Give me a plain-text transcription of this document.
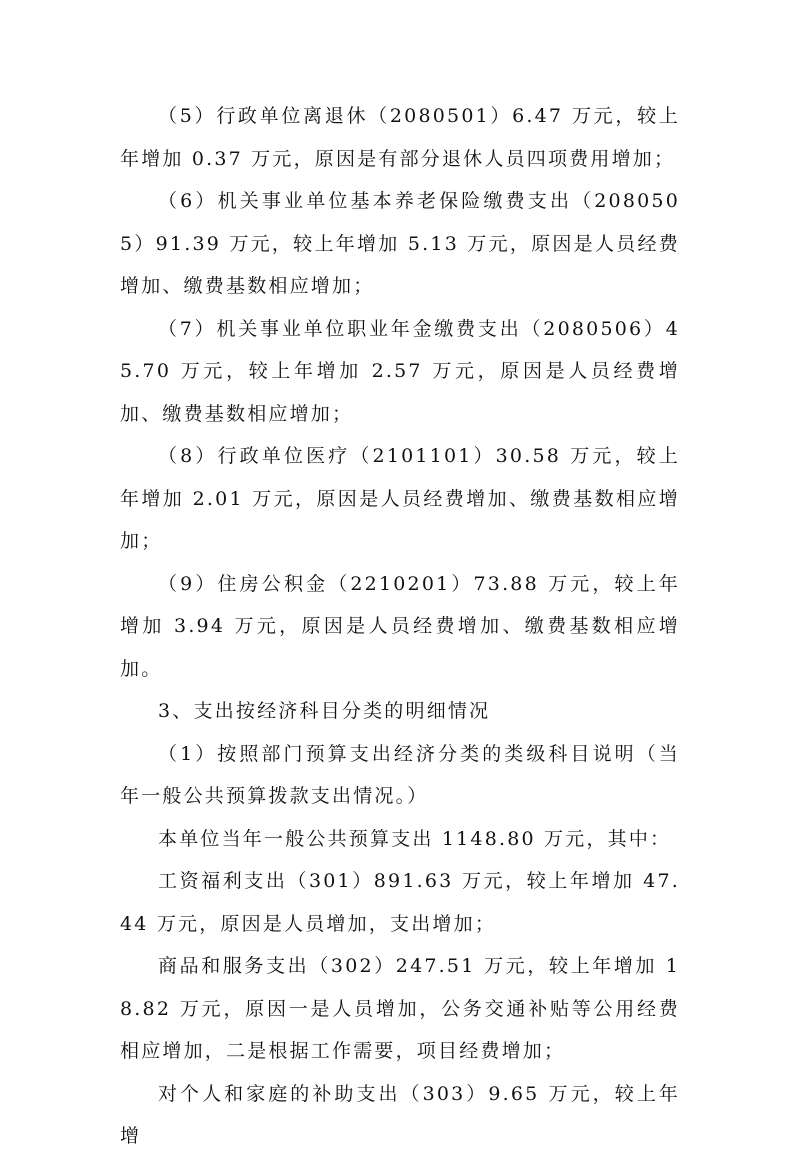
（5）行政单位离退休（2080501）6.47 万元，较上年增加 0.37 万元，原因是有部分退休人员四项费用增加；

（6）机关事业单位基本养老保险缴费支出（2080505）91.39 万元，较上年增加 5.13 万元，原因是人员经费增加、缴费基数相应增加；

（7）机关事业单位职业年金缴费支出（2080506）45.70 万元，较上年增加 2.57 万元，原因是人员经费增加、缴费基数相应增加；

（8）行政单位医疗（2101101）30.58 万元，较上年增加 2.01 万元，原因是人员经费增加、缴费基数相应增加；

（9）住房公积金（2210201）73.88 万元，较上年增加 3.94 万元，原因是人员经费增加、缴费基数相应增加。

3、支出按经济科目分类的明细情况

（1）按照部门预算支出经济分类的类级科目说明（当年一般公共预算拨款支出情况。）

本单位当年一般公共预算支出 1148.80 万元，其中：

工资福利支出（301）891.63 万元，较上年增加 47.44 万元，原因是人员增加，支出增加；

商品和服务支出（302）247.51 万元，较上年增加 18.82 万元，原因一是人员增加，公务交通补贴等公用经费相应增加，二是根据工作需要，项目经费增加；

对个人和家庭的补助支出（303）9.65 万元，较上年增
